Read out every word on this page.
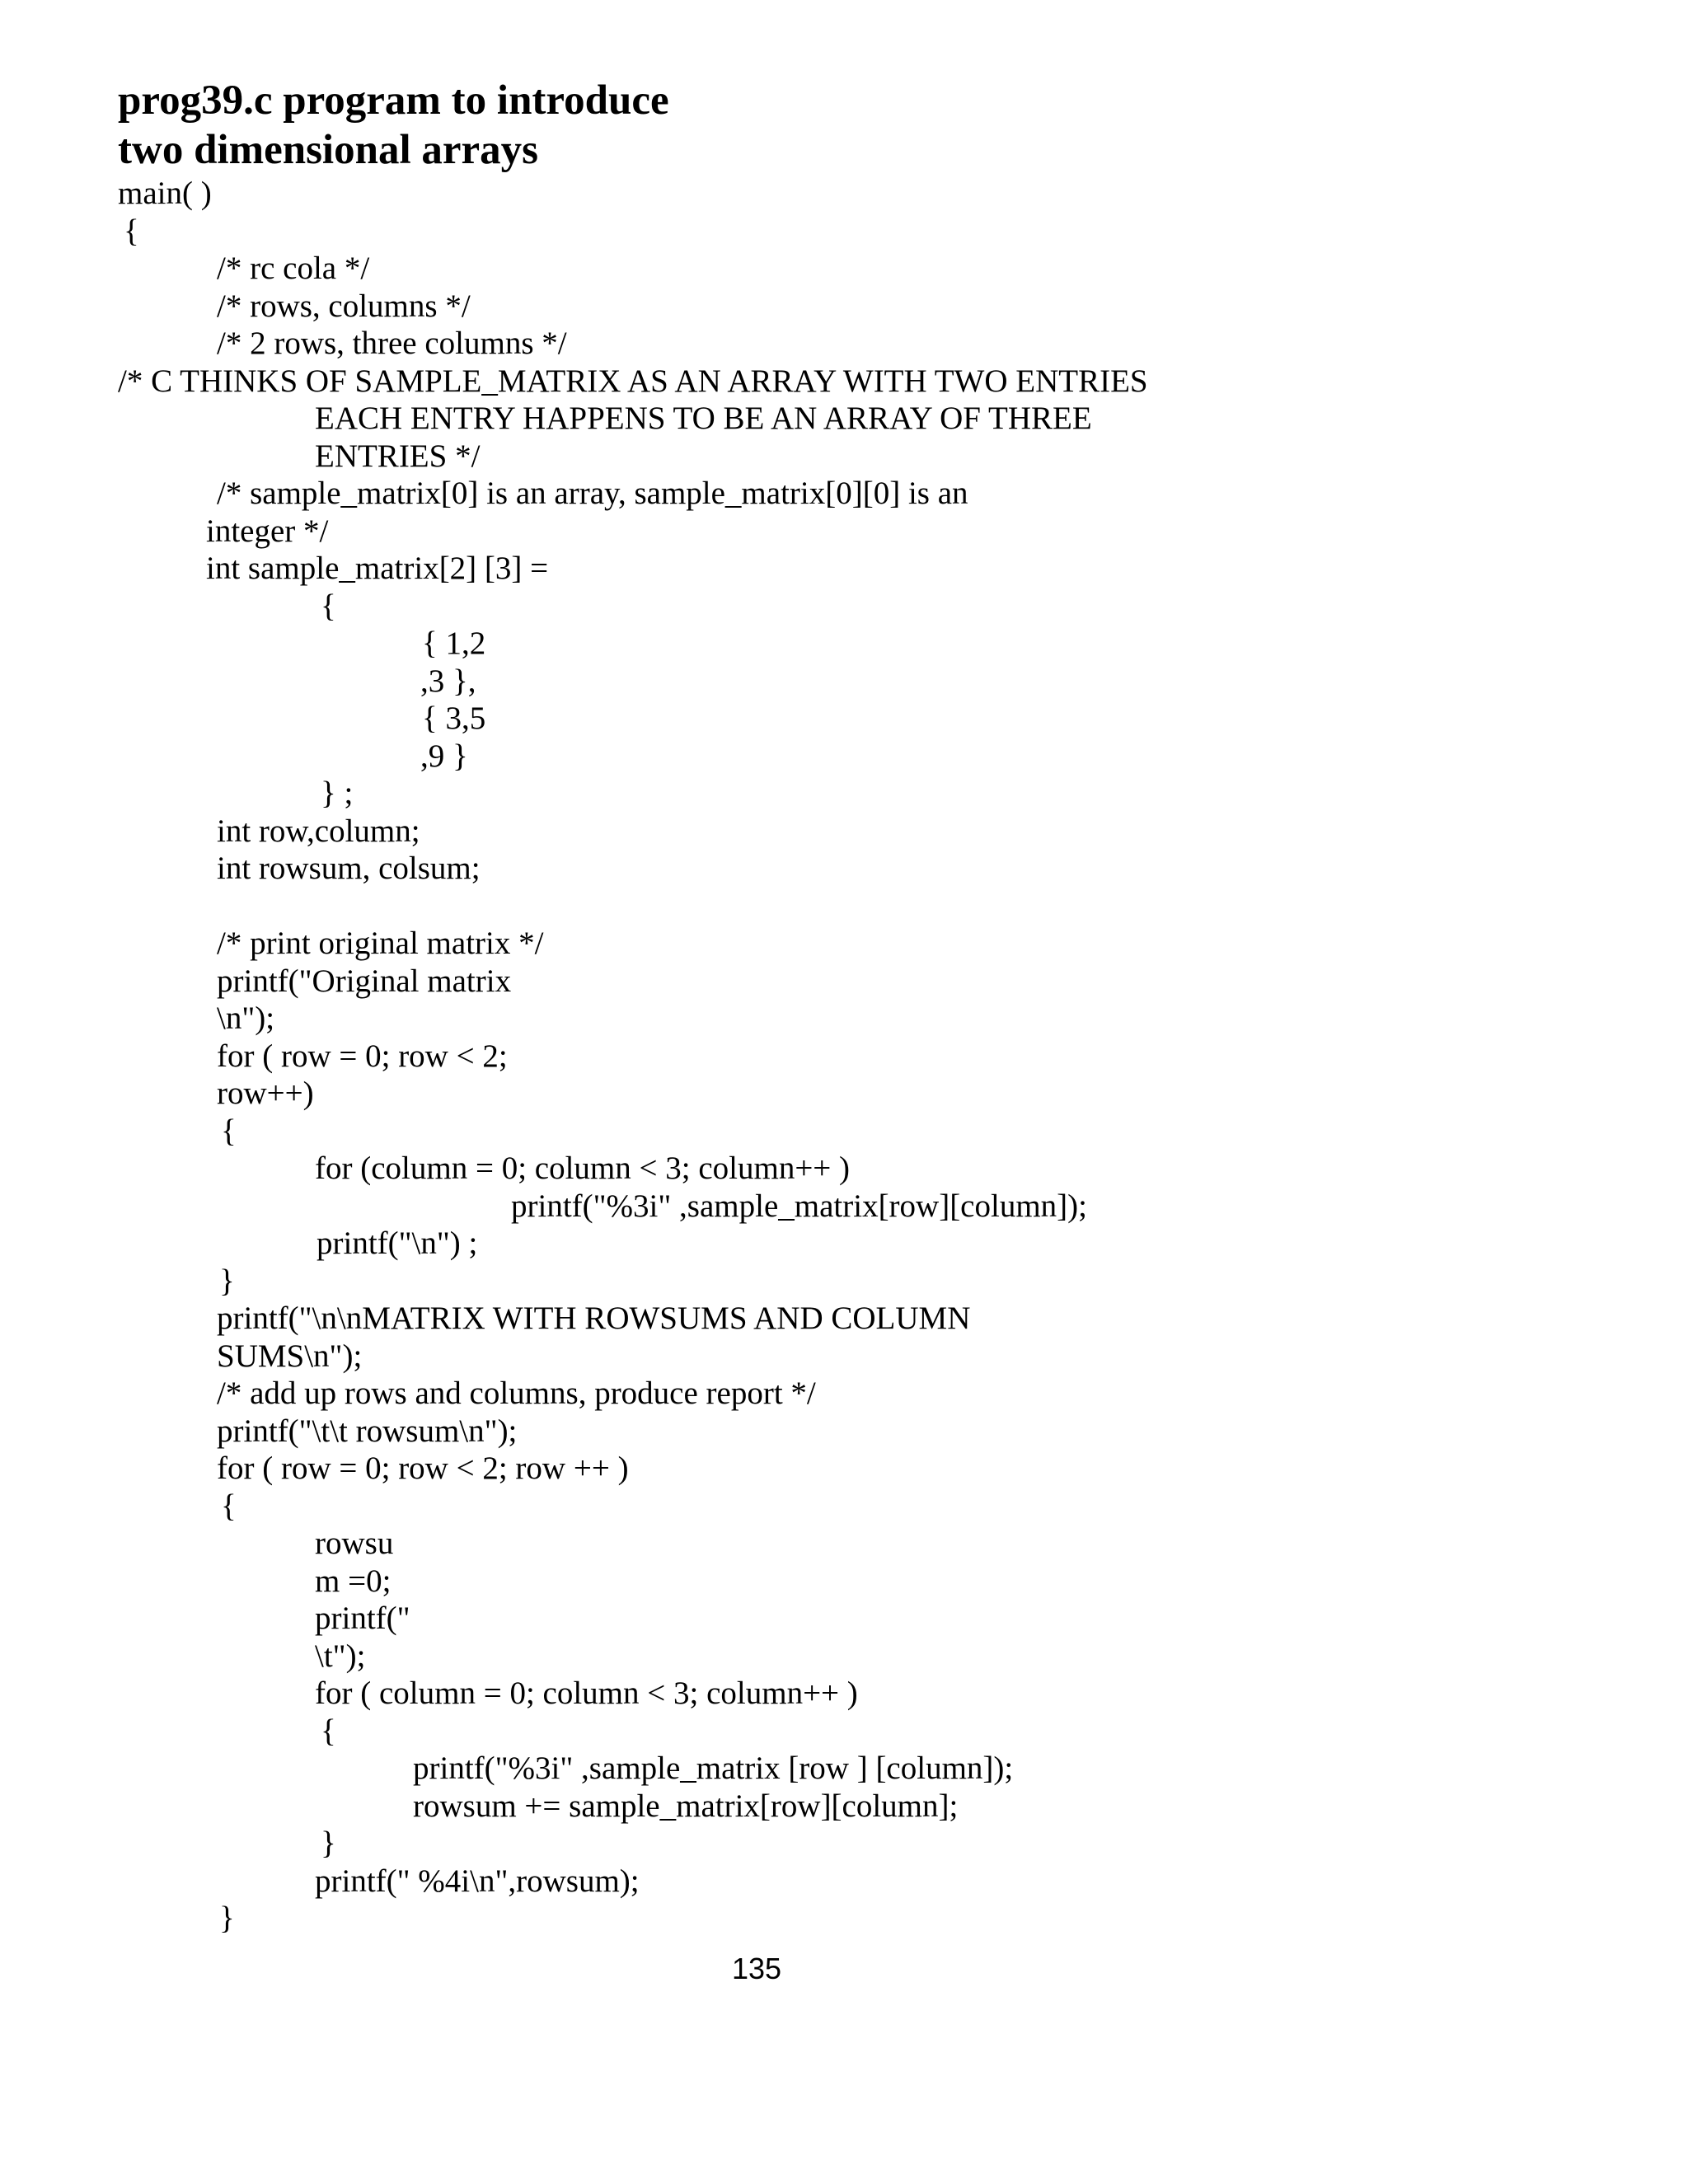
prog39.c program to introduce
two dimensional arrays
main( )
{
/* rc cola */
/* rows, columns */
/* 2 rows, three columns */
/* C THINKS OF SAMPLE_MATRIX AS AN ARRAY WITH TWO ENTRIES
EACH ENTRY HAPPENS TO BE AN ARRAY OF THREE
ENTRIES */
/* sample_matrix[0] is an array, sample_matrix[0][0] is an
integer */
int sample_matrix[2] [3] =
{
{ 1,2
,3 },
{ 3,5
,9 }
} ;
int row,column;
int rowsum, colsum;
/* print original matrix */
printf("Original matrix
\n");
for ( row = 0; row < 2;
row++)
{
for (column = 0; column < 3; column++ )
printf("%3i" ,sample_matrix[row][column]);
printf("\n") ;
}
printf("\n\nMATRIX WITH ROWSUMS AND COLUMN
SUMS\n");
/* add up rows and columns, produce report */
printf("\t\t rowsum\n");
for ( row = 0; row < 2; row ++ )
{
rowsu
m =0;
printf("
\t");
for ( column = 0; column < 3; column++ )
{
printf("%3i" ,sample_matrix [row ] [column]);
rowsum += sample_matrix[row][column];
}
printf(" %4i\n",rowsum);
}
135
